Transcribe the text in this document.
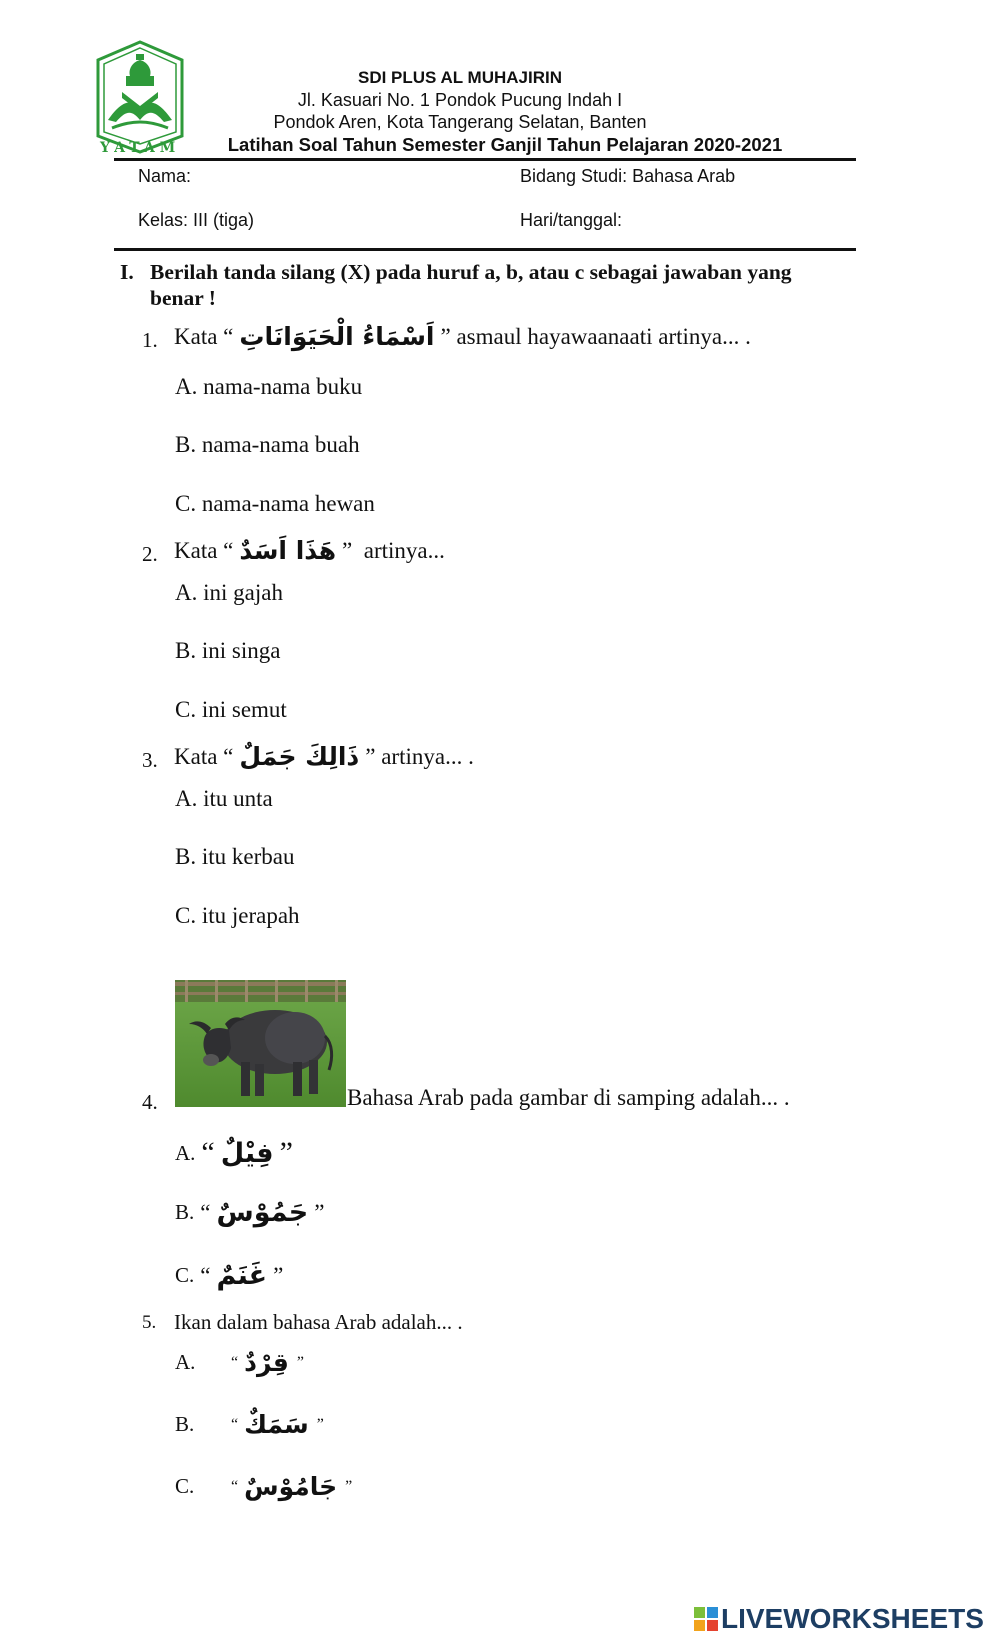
YATAM
SDI PLUS AL MUHAJIRIN
Jl. Kasuari No. 1 Pondok Pucung Indah I
Pondok Aren, Kota Tangerang Selatan, Banten
Latihan Soal Tahun Semester Ganjil Tahun Pelajaran 2020-2021
Nama:	Bidang Studi: Bahasa Arab
Kelas: III (tiga)	Hari/tanggal:
I. Berilah tanda silang (X) pada huruf a, b, atau c sebagai jawaban yang
benar !
1. Kata “ اَسْمَاءُ الْحَيَوَانَاتِ ” asmaul hayawaanaati artinya... .
A. nama-nama buku
B. nama-nama buah
C. nama-nama hewan
2. Kata “ هَذَا اَسَدٌ ”  artinya...
A. ini gajah
B. ini singa
C. ini semut
3. Kata “ ذَالِكَ جَمَلٌ ” artinya... .
A. itu unta
B. itu kerbau
C. itu jerapah
4.	Bahasa Arab pada gambar di samping adalah... .
A. “ فِيْلٌ ”
B. “ جَمُوْسٌ ”
C. “ غَنَمٌ ”
5. Ikan dalam bahasa Arab adalah... .
A.	“ قِرْدٌ ”
B.	“ سَمَكٌ ”
C.	“ جَامُوْسٌ ”
LIVEWORKSHEETS
